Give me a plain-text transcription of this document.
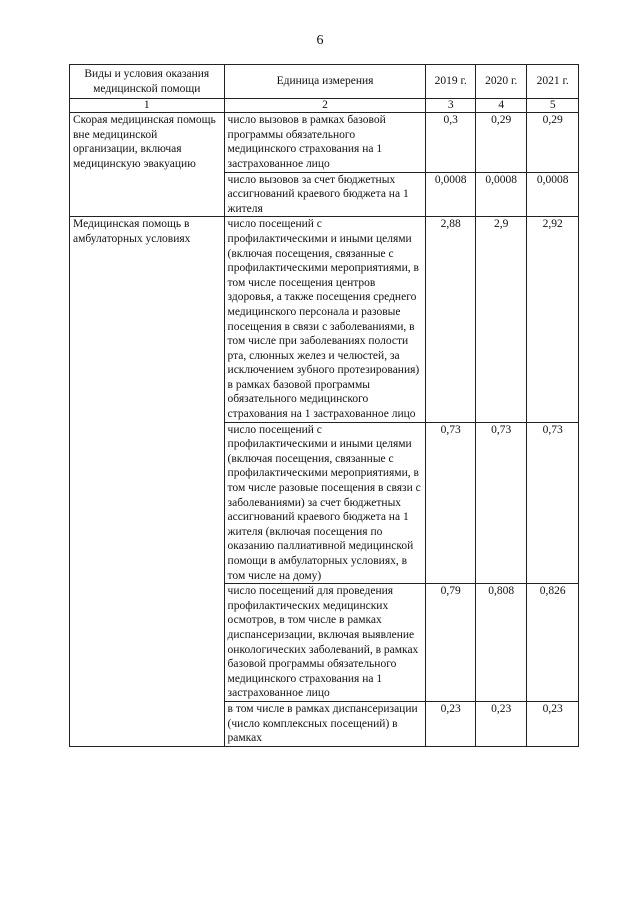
6
Виды и условия оказания медицинской помощи	Единица измерения	2019 г.	2020 г.	2021 г.
1	2	3	4	5
Скорая медицинская помощь вне медицинской организации, включая медицинскую эвакуацию	число вызовов в рамках базовой программы обязательного медицинского страхования на 1 застрахованное лицо	0,3	0,29	0,29
	число вызовов за счет бюджетных ассигнований краевого бюджета на 1 жителя	0,0008	0,0008	0,0008
Медицинская помощь в амбулаторных условиях	число посещений с профилактическими и иными целями (включая посещения, связанные с профилактическими мероприятиями, в том числе посещения центров здоровья, а также посещения среднего медицинского персонала и разовые посещения в связи с заболеваниями, в том числе при заболеваниях полости рта, слюнных желез и челюстей, за исключением зубного протезирования) в рамках базовой программы обязательного медицинского страхования на 1 застрахованное лицо	2,88	2,9	2,92
	число посещений с профилактическими и иными целями (включая посещения, связанные с профилактическими мероприятиями, в том числе разовые посещения в связи с заболеваниями) за счет бюджетных ассигнований краевого бюджета на 1 жителя (включая посещения по оказанию паллиативной медицинской помощи в амбулаторных условиях, в том числе на дому)	0,73	0,73	0,73
	число посещений для проведения профилактических медицинских осмотров, в том числе в рамках диспансеризации, включая выявление онкологических заболеваний, в рамках базовой программы обязательного медицинского страхования на 1 застрахованное лицо	0,79	0,808	0,826
	в том числе в рамках диспансеризации (число комплексных посещений) в рамках	0,23	0,23	0,23
